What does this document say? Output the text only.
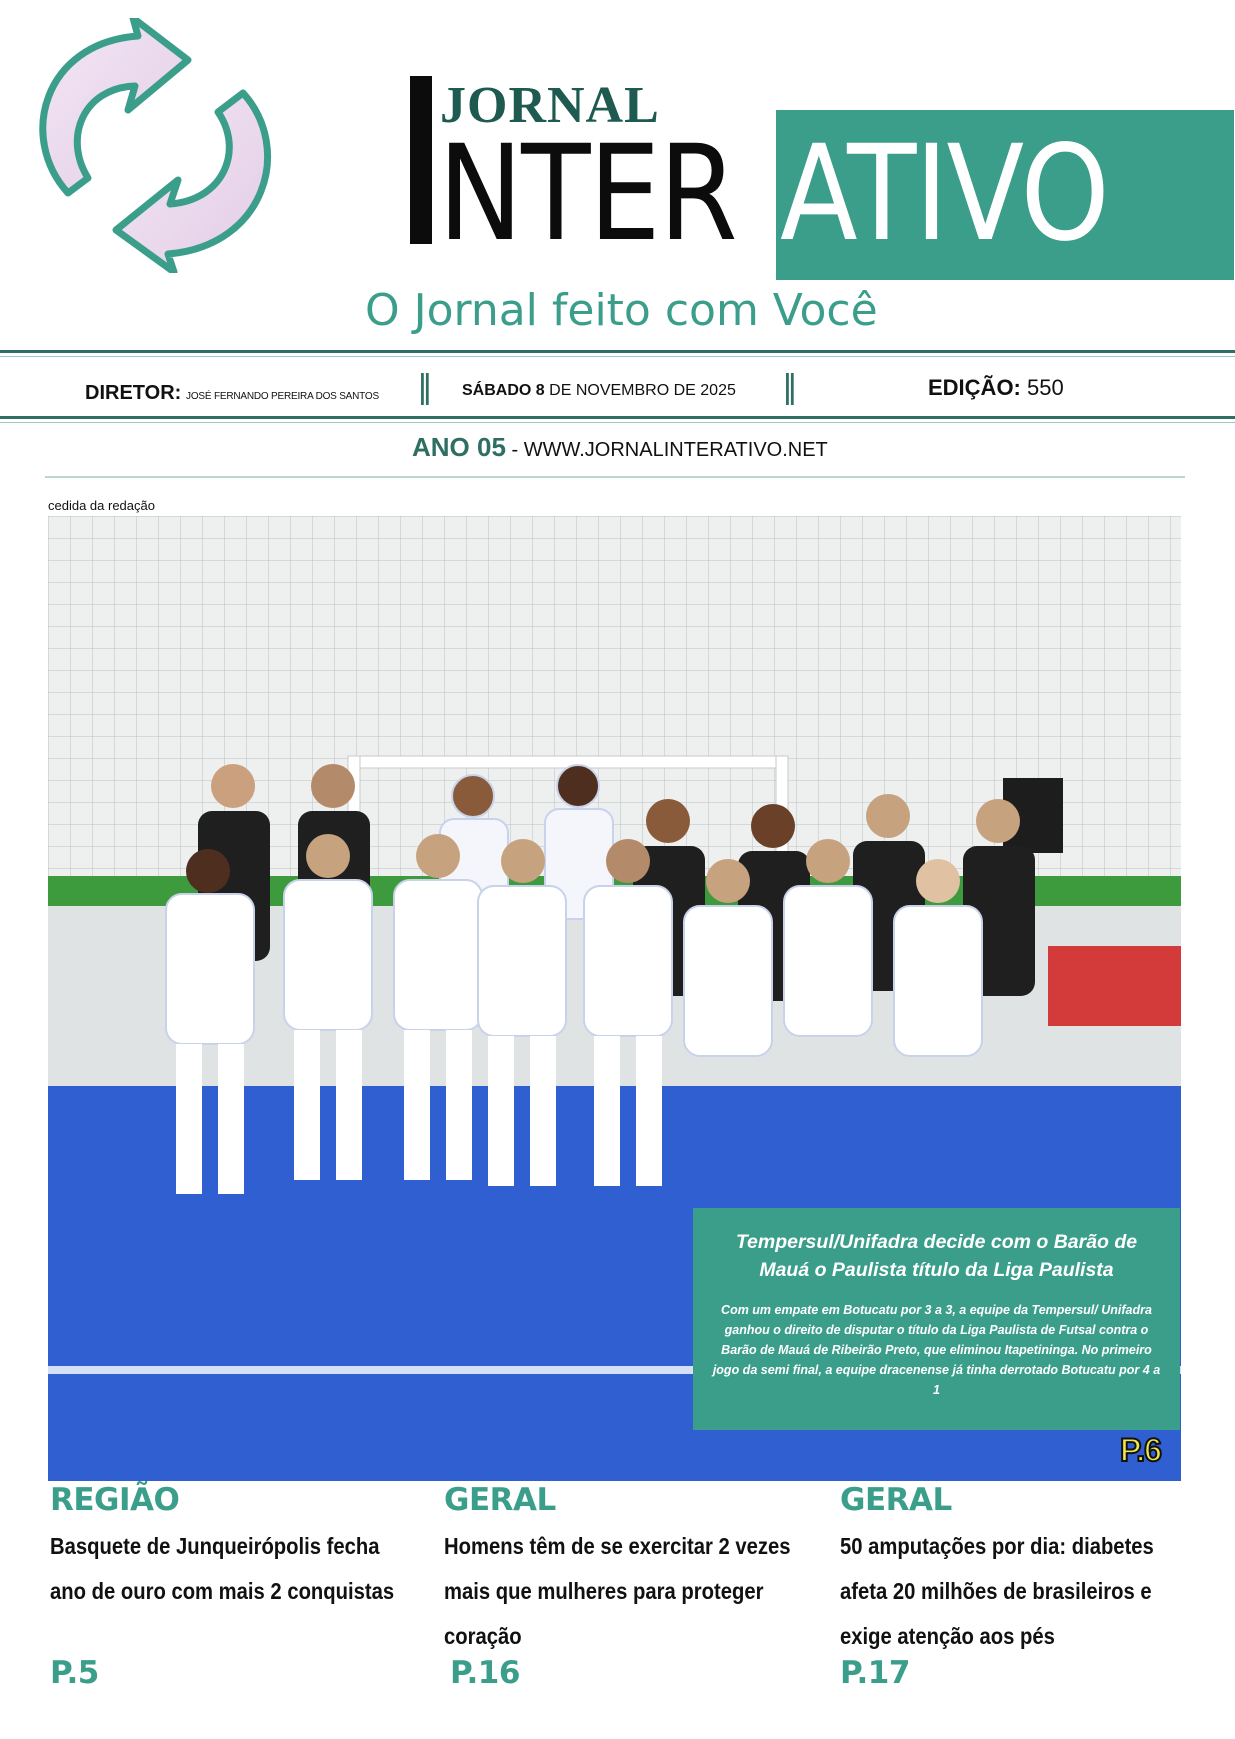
JORNAL
NTER ATIVO
O Jornal feito com Você
DIRETOR: JOSÉ FERNANDO PEREIRA DOS SANTOS || SÁBADO 8 DE NOVEMBRO DE 2025 ||	EDIÇÃO: 550
ANO 05 - WWW.JORNALINTERATIVO.NET
cedida da redação
Tempersul/Unifadra decide com o Barão de Mauá o Paulista título da Liga Paulista
Com um empate em Botucatu por 3 a 3, a equipe da Tempersul/ Unifadra ganhou o direito de disputar o título da Liga Paulista de Futsal contra o Barão de Mauá de Ribeirão Preto, que eliminou Itapetininga. No primeiro jogo da semi final, a equipe dracenense já tinha derrotado Botucatu por 4 a 1
P.6
REGIÃO
Basquete de Junqueirópolis fecha ano de ouro com mais 2 conquistas
GERAL
Homens têm de se exercitar 2 vezes mais que mulheres para proteger coração
GERAL
50 amputações por dia: diabetes afeta 20 milhões de brasileiros e exige atenção aos pés
P.5	P.16	P.17
